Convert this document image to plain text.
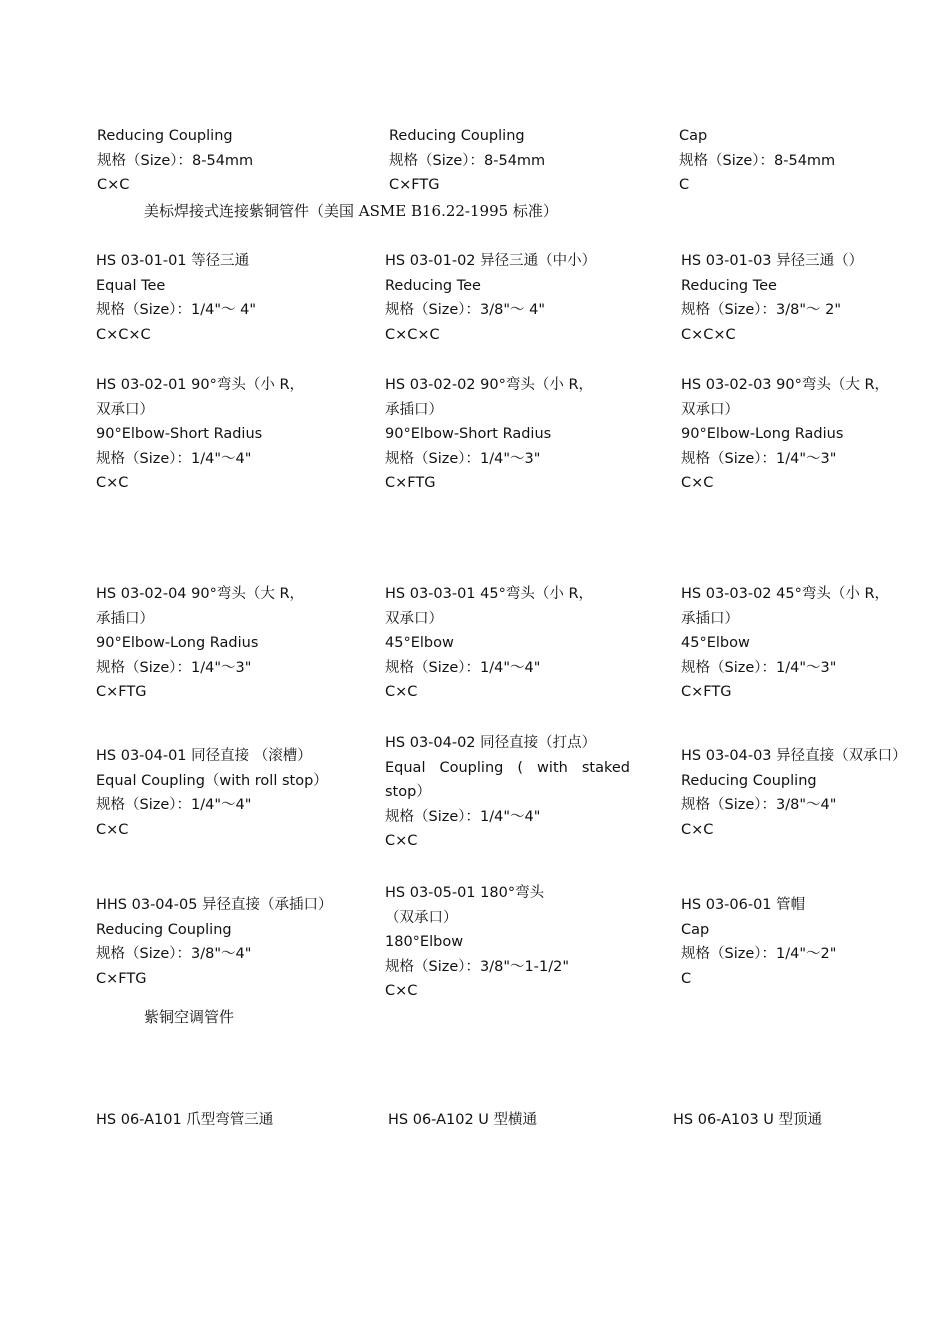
Reducing Coupling
规格（Size）：8-54mm
C×C
Reducing Coupling
规格（Size）：8-54mm
C×FTG
Cap
规格（Size）：8-54mm
C
美标焊接式连接紫铜管件（美国 ASME B16.22-1995 标准）
HS 03-01-01 等径三通
Equal Tee
规格（Size）：1/4"～ 4"
C×C×C
HS 03-01-02 异径三通（中小）
Reducing Tee
规格（Size）：3/8"～ 4"
C×C×C
HS 03-01-03 异径三通（）
Reducing Tee
规格（Size）：3/8"～ 2"
C×C×C
HS 03-02-01 90°弯头（小 R，
双承口）
90°Elbow-Short Radius
规格（Size）：1/4"～4"
C×C
HS 03-02-02 90°弯头（小 R，
承插口）
90°Elbow-Short Radius
规格（Size）：1/4"～3"
C×FTG
HS 03-02-03 90°弯头（大 R，
双承口）
90°Elbow-Long Radius
规格（Size）：1/4"～3"
C×C
HS 03-02-04 90°弯头（大 R，
承插口）
90°Elbow-Long Radius
规格（Size）：1/4"～3"
C×FTG
HS 03-03-01 45°弯头（小 R，
双承口）
45°Elbow
规格（Size）：1/4"～4"
C×C
HS 03-03-02 45°弯头（小 R，
承插口）
45°Elbow
规格（Size）：1/4"～3"
C×FTG
HS 03-04-01 同径直接 （滚槽）
Equal Coupling（with roll stop）
规格（Size）：1/4"～4"
C×C
HS 03-04-02 同径直接（打点）
Equal Coupling ( with staked
stop）
规格（Size）：1/4"～4"
C×C
HS 03-04-03 异径直接（双承口）
Reducing Coupling
规格（Size）：3/8"～4"
C×C
HHS 03-04-05 异径直接（承插口）
Reducing Coupling
规格（Size）：3/8"～4"
C×FTG
HS 03-05-01 180°弯头
（双承口）
180°Elbow
规格（Size）：3/8"～1-1/2"
C×C
HS 03-06-01 管帽
Cap
规格（Size）：1/4"～2"
C
紫铜空调管件
HS 06-A101 爪型弯管三通	HS 06-A102 U 型横通	HS 06-A103 U 型顶通
